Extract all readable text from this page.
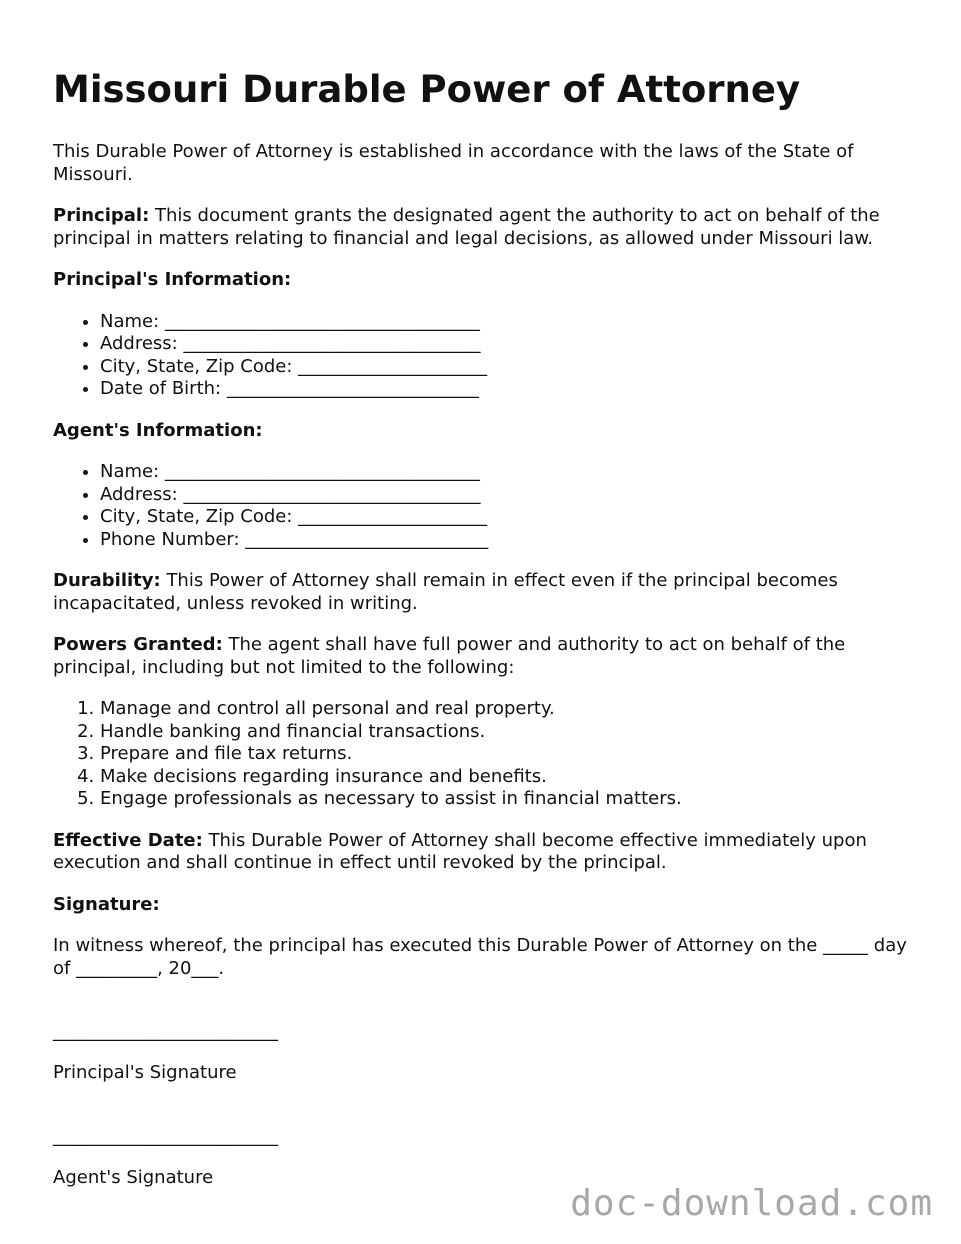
Missouri Durable Power of Attorney

This Durable Power of Attorney is established in accordance with the laws of the State of Missouri.

Principal: This document grants the designated agent the authority to act on behalf of the principal in matters relating to financial and legal decisions, as allowed under Missouri law.

Principal's Information:
• Name: ___________________________________
• Address: _________________________________
• City, State, Zip Code: _____________________
• Date of Birth: ____________________________
Agent's Information:
• Name: ___________________________________
• Address: _________________________________
• City, State, Zip Code: _____________________
• Phone Number: ___________________________

Durability: This Power of Attorney shall remain in effect even if the principal becomes incapacitated, unless revoked in writing.

Powers Granted: The agent shall have full power and authority to act on behalf of the principal, including but not limited to the following:

1. Manage and control all personal and real property.
2. Handle banking and financial transactions.
3. Prepare and file tax returns.
4. Make decisions regarding insurance and benefits.
5. Engage professionals as necessary to assist in financial matters.

Effective Date: This Durable Power of Attorney shall become effective immediately upon execution and shall continue in effect until revoked by the principal.

Signature:

In witness whereof, the principal has executed this Durable Power of Attorney on the _____ day of _________, 20___.

_________________________

Principal's Signature

_________________________

Agent's Signature

doc-download.com
